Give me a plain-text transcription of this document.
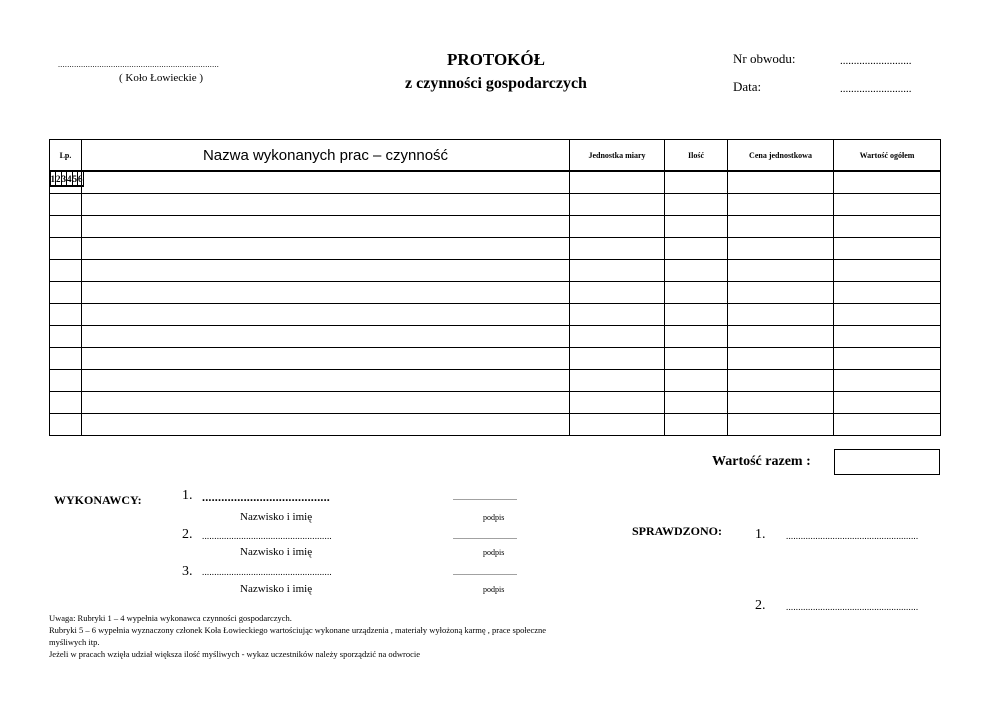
......................................................................
( Koło Łowieckie )
PROTOKÓŁ
z czynności gospodarczych
Nr obwodu:	..........................
Data:	..........................
Lp.	Nazwa wykonanych prac – czynność	Jednostka miary	Ilość	Cena jednostkowa	Wartość ogółem

1	2	3	4	5	6

Wartość razem :
WYKONAWCY:	1. ........................................	................................
Nazwisko i imię	podpis
2. .....................................................	................................
Nazwisko i imię	podpis
3. .....................................................	................................
Nazwisko i imię	podpis
SPRAWDZONO: 1. ......................................................
2. ......................................................
Uwaga: Rubryki 1 – 4 wypełnia wykonawca czynności gospodarczych.
Rubryki 5 – 6 wypełnia wyznaczony członek Koła Łowieckiego wartościując wykonane urządzenia , materiały wyłożoną karmę , prace społeczne
myśliwych itp.
Jeżeli w pracach wzięła udział większa ilość myśliwych - wykaz uczestników należy sporządzić na odwrocie
